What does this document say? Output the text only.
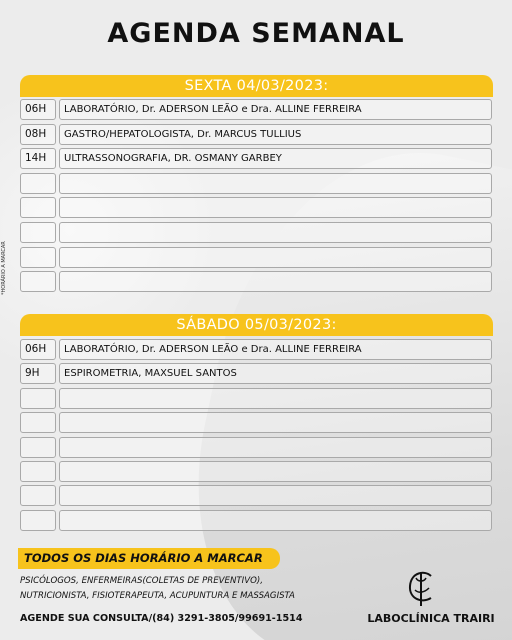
AGENDA SEMANAL
*HORÁRIO A MARCAR
SEXTA 04/03/2023:
06H	LABORATÓRIO, Dr. ADERSON LEÃO e Dra. ALLINE FERREIRA
08H	GASTRO/HEPATOLOGISTA, Dr. MARCUS TULLIUS
14H	ULTRASSONOGRAFIA, DR. OSMANY GARBEY
SÁBADO 05/03/2023:
06H	LABORATÓRIO, Dr. ADERSON LEÃO e Dra. ALLINE FERREIRA
9H	ESPIROMETRIA, MAXSUEL SANTOS
TODOS OS DIAS HORÁRIO A MARCAR
PSICÓLOGOS, ENFERMEIRAS(COLETAS DE PREVENTIVO),
NUTRICIONISTA, FISIOTERAPEUTA, ACUPUNTURA E MASSAGISTA
AGENDE SUA CONSULTA/(84) 3291-3805/99691-1514	LABOCLÍNICA TRAIRI
